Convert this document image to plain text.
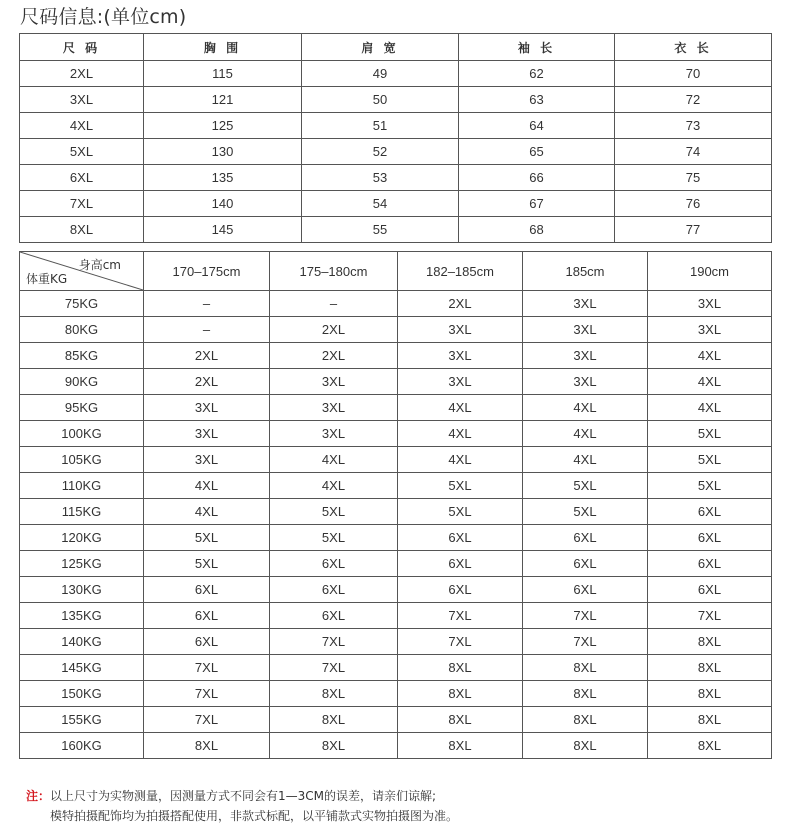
尺码信息:(单位cm)
尺 码	胸 围	肩 宽	袖 长	衣 长
2XL	115	49	62	70
3XL	121	50	63	72
4XL	125	51	64	73
5XL	130	52	65	74
6XL	135	53	66	75
7XL	140	54	67	76
8XL	145	55	68	77
身高cm
体重KG	170–175cm	175–180cm	182–185cm	185cm	190cm
75KG	–	–	2XL	3XL	3XL
80KG	–	2XL	3XL	3XL	3XL
85KG	2XL	2XL	3XL	3XL	4XL
90KG	2XL	3XL	3XL	3XL	4XL
95KG	3XL	3XL	4XL	4XL	4XL
100KG	3XL	3XL	4XL	4XL	5XL
105KG	3XL	4XL	4XL	4XL	5XL
110KG	4XL	4XL	5XL	5XL	5XL
115KG	4XL	5XL	5XL	5XL	6XL
120KG	5XL	5XL	6XL	6XL	6XL
125KG	5XL	6XL	6XL	6XL	6XL
130KG	6XL	6XL	6XL	6XL	6XL
135KG	6XL	6XL	7XL	7XL	7XL
140KG	6XL	7XL	7XL	7XL	8XL
145KG	7XL	7XL	8XL	8XL	8XL
150KG	7XL	8XL	8XL	8XL	8XL
155KG	7XL	8XL	8XL	8XL	8XL
160KG	8XL	8XL	8XL	8XL	8XL
注：以上尺寸为实物测量，因测量方式不同会有1—3CM的误差，请亲们谅解;
模特拍摄配饰均为拍摄搭配使用，非款式标配，以平铺款式实物拍摄图为准。
